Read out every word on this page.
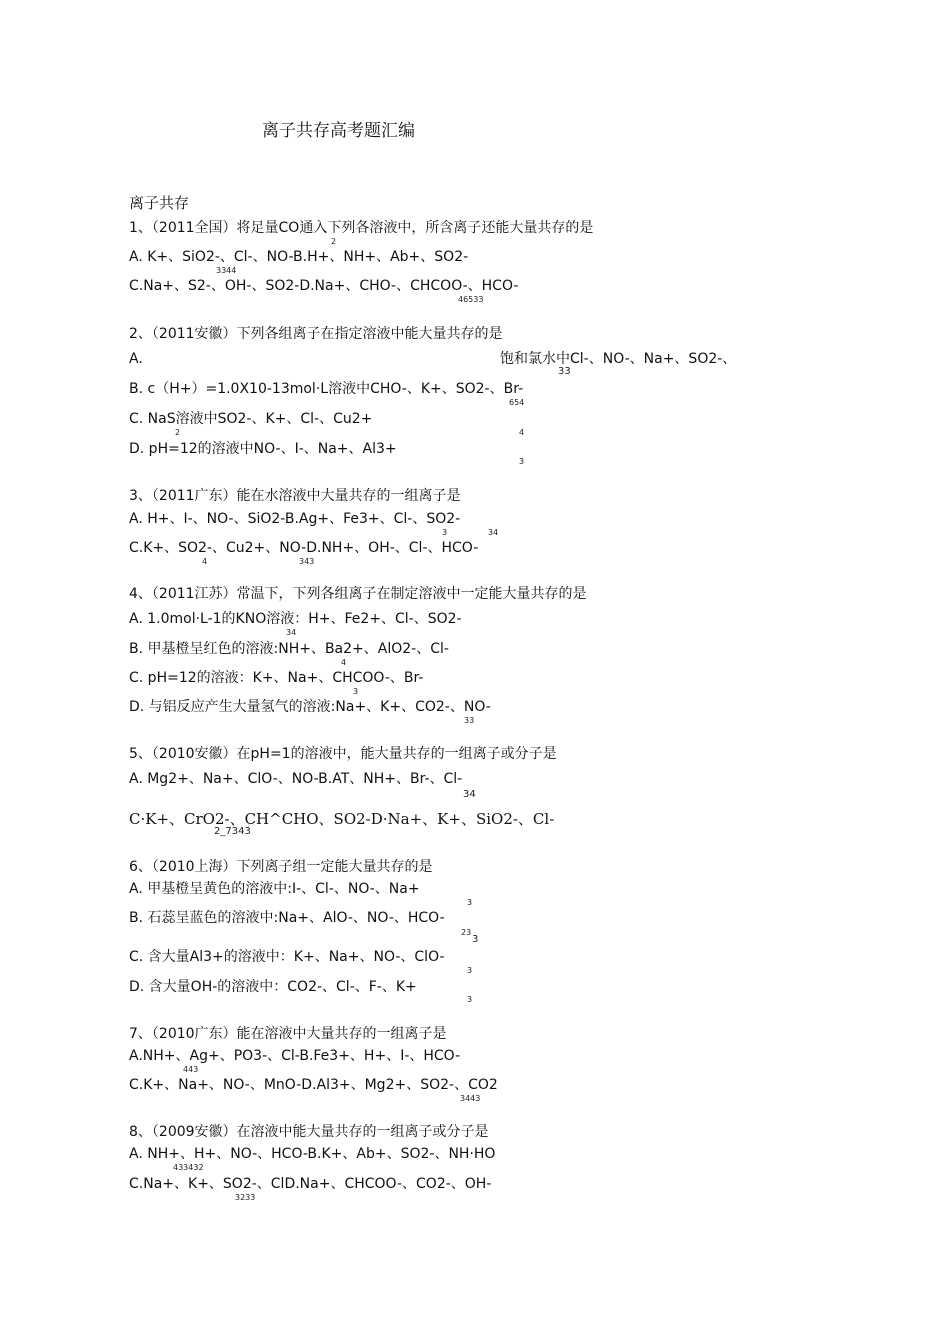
离子共存高考题汇编
离子共存
1、（2011全国）将足量CO通入下列各溶液中，所含离子还能大量共存的是
2
A. K+、SiO2-、Cl-、NO-B.H+、NH+、Ab+、SO2-
3344
C.Na+、S2-、OH-、SO2-D.Na+、CHO-、CHCOO-、HCO-
46533
2、（2011安徽）下列各组离子在指定溶液中能大量共存的是
A.	饱和氯水中Cl-、NO-、Na+、SO2-、
33
B. c（H+）=1.0X10-13mol·L溶液中CHO-、K+、SO2-、Br-
654
C. NaS溶液中SO2-、K+、Cl-、Cu2+
2	4
D. pH=12的溶液中NO-、I-、Na+、Al3+
3
3、（2011广东）能在水溶液中大量共存的一组离子是
A. H+、I-、NO-、SiO2-B.Ag+、Fe3+、Cl-、SO2-
3	34
C.K+、SO2-、Cu2+、NO-D.NH+、OH-、Cl-、HCO-
4	343
4、（2011江苏）常温下，下列各组离子在制定溶液中一定能大量共存的是
A. 1.0mol·L-1的KNO溶液：H+、Fe2+、Cl-、SO2-
34
B. 甲基橙呈红色的溶液:NH+、Ba2+、AlO2-、Cl-
4
C. pH=12的溶液：K+、Na+、CHCOO-、Br-
3
D. 与铝反应产生大量氢气的溶液:Na+、K+、CO2-、NO-
33
5、（2010安徽）在pH=1的溶液中，能大量共存的一组离子或分子是
A. Mg2+、Na+、ClO-、NO-B.AT、NH+、Br-、Cl-
34
C·K+、CrO2-、CH^CHO、SO2-D·Na+、K+、SiO2-、Cl-
2_7343
6、（2010上海）下列离子组一定能大量共存的是
A. 甲基橙呈黄色的溶液中:I-、Cl-、NO-、Na+
3
B. 石蕊呈蓝色的溶液中:Na+、AlO-、NO-、HCO-
23
3
C. 含大量Al3+的溶液中：K+、Na+、NO-、ClO-
3
D. 含大量OH-的溶液中：CO2-、Cl-、F-、K+
3
7、（2010广东）能在溶液中大量共存的一组离子是
A.NH+、Ag+、PO3-、Cl-B.Fe3+、H+、I-、HCO-
443
C.K+、Na+、NO-、MnO-D.Al3+、Mg2+、SO2-、CO2
3443
8、（2009安徽）在溶液中能大量共存的一组离子或分子是
A. NH+、H+、NO-、HCO-B.K+、Ab+、SO2-、NH·HO
433432
C.Na+、K+、SO2-、ClD.Na+、CHCOO-、CO2-、OH-
3233
